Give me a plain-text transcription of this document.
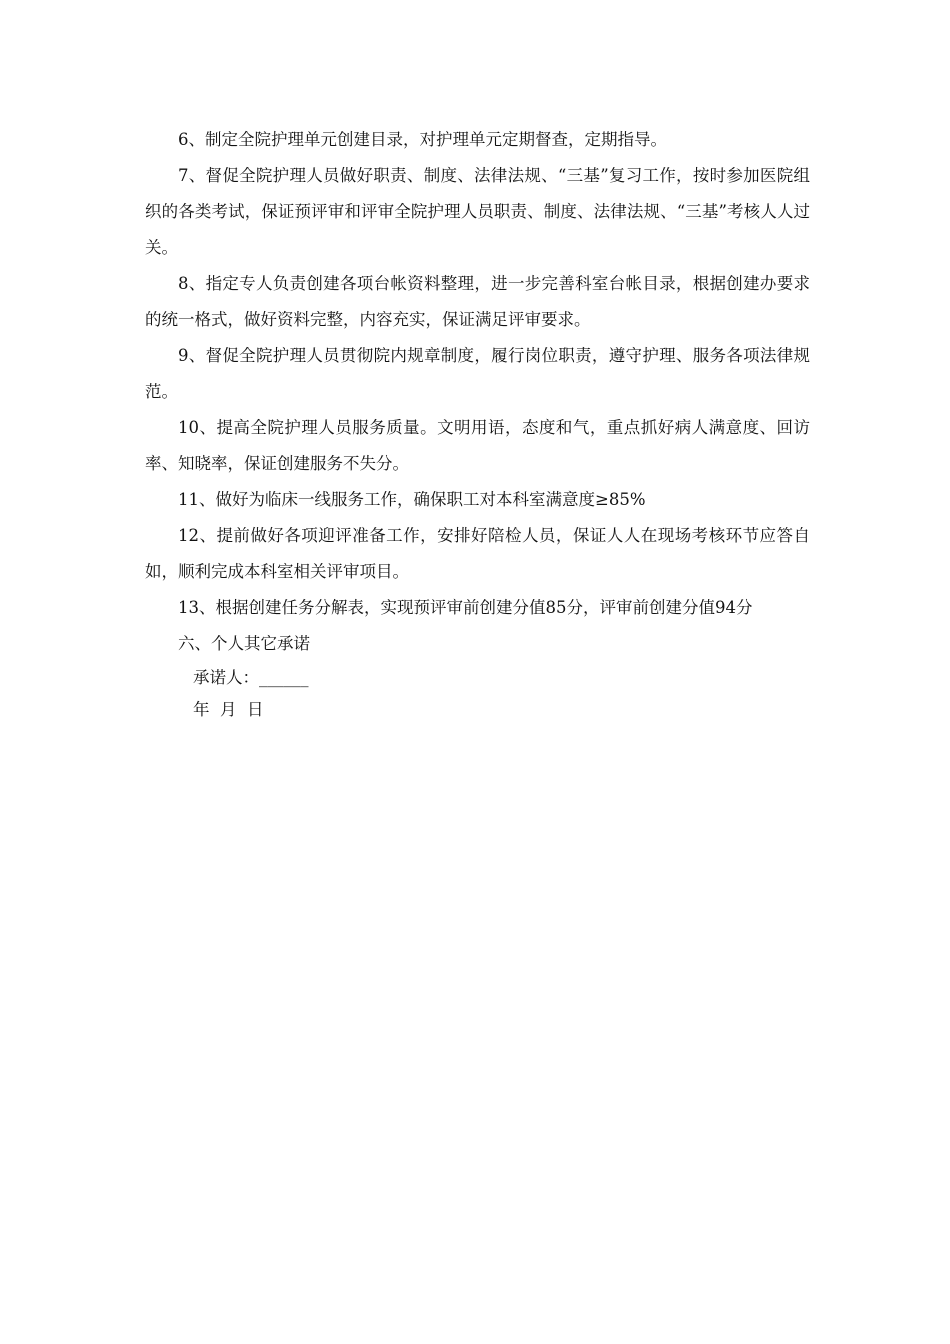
6、制定全院护理单元创建目录，对护理单元定期督查，定期指导。

7、督促全院护理人员做好职责、制度、法律法规、“三基”复习工作，按时参加医院组织的各类考试，保证预评审和评审全院护理人员职责、制度、法律法规、“三基”考核人人过关。

8、指定专人负责创建各项台帐资料整理，进一步完善科室台帐目录，根据创建办要求的统一格式，做好资料完整，内容充实，保证满足评审要求。

9、督促全院护理人员贯彻院内规章制度，履行岗位职责，遵守护理、服务各项法律规范。

10、提高全院护理人员服务质量。文明用语，态度和气，重点抓好病人满意度、回访率、知晓率，保证创建服务不失分。

11、做好为临床一线服务工作，确保职工对本科室满意度≥85%

12、提前做好各项迎评准备工作，安排好陪检人员，保证人人在现场考核环节应答自如，顺利完成本科室相关评审项目。

13、根据创建任务分解表，实现预评审前创建分值85分，评审前创建分值94分

六、个人其它承诺

承诺人：______

年  月  日
